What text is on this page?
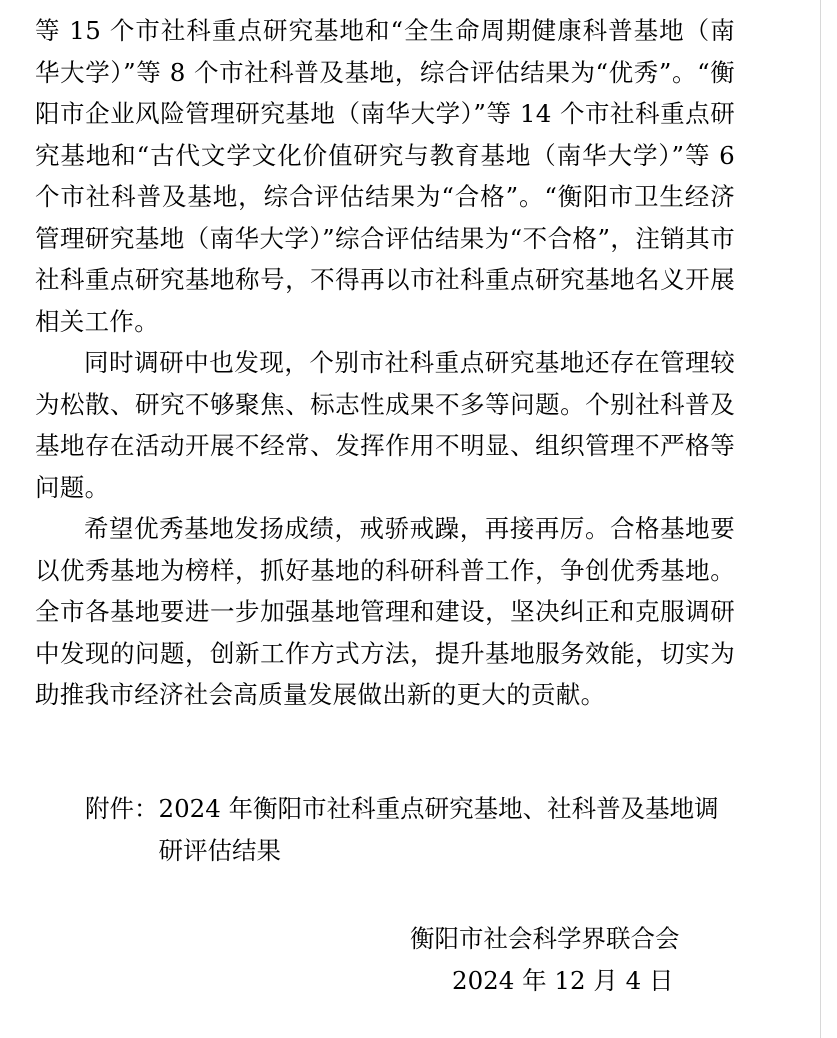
等 15 个市社科重点研究基地和“全生命周期健康科普基地（南华大学）”等 8 个市社科普及基地，综合评估结果为“优秀”。“衡阳市企业风险管理研究基地（南华大学）”等 14 个市社科重点研究基地和“古代文学文化价值研究与教育基地（南华大学）”等 6 个市社科普及基地，综合评估结果为“合格”。“衡阳市卫生经济管理研究基地（南华大学）”综合评估结果为“不合格”，注销其市社科重点研究基地称号，不得再以市社科重点研究基地名义开展相关工作。

同时调研中也发现，个别市社科重点研究基地还存在管理较为松散、研究不够聚焦、标志性成果不多等问题。个别社科普及基地存在活动开展不经常、发挥作用不明显、组织管理不严格等问题。

希望优秀基地发扬成绩，戒骄戒躁，再接再厉。合格基地要以优秀基地为榜样，抓好基地的科研科普工作，争创优秀基地。全市各基地要进一步加强基地管理和建设，坚决纠正和克服调研中发现的问题，创新工作方式方法，提升基地服务效能，切实为助推我市经济社会高质量发展做出新的更大的贡献。

附件： 2024 年衡阳市社科重点研究基地、社科普及基地调研评估结果
衡阳市社会科学界联合会
2024 年 12 月 4 日
